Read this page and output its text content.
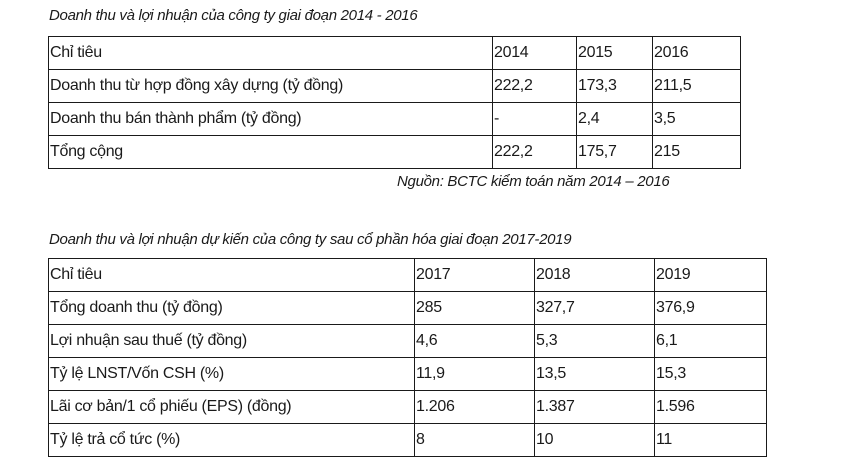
Doanh thu và lợi nhuận của công ty giai đoạn 2014 - 2016
Chỉ tiêu	2014	2015	2016
Doanh thu từ hợp đồng xây dựng (tỷ đồng)	222,2	173,3	211,5
Doanh thu bán thành phẩm (tỷ đồng)	-	2,4	3,5
Tổng cộng	222,2	175,7	215
Nguồn: BCTC kiểm toán năm 2014 – 2016
Doanh thu và lợi nhuận dự kiến của công ty sau cổ phần hóa giai đoạn 2017-2019
Chỉ tiêu	2017	2018	2019
Tổng doanh thu (tỷ đồng)	285	327,7	376,9
Lợi nhuận sau thuế (tỷ đồng)	4,6	5,3	6,1
Tỷ lệ LNST/Vốn CSH (%)	11,9	13,5	15,3
Lãi cơ bản/1 cổ phiếu (EPS) (đồng)	1.206	1.387	1.596
Tỷ lệ trả cổ tức (%)	8	10	11
